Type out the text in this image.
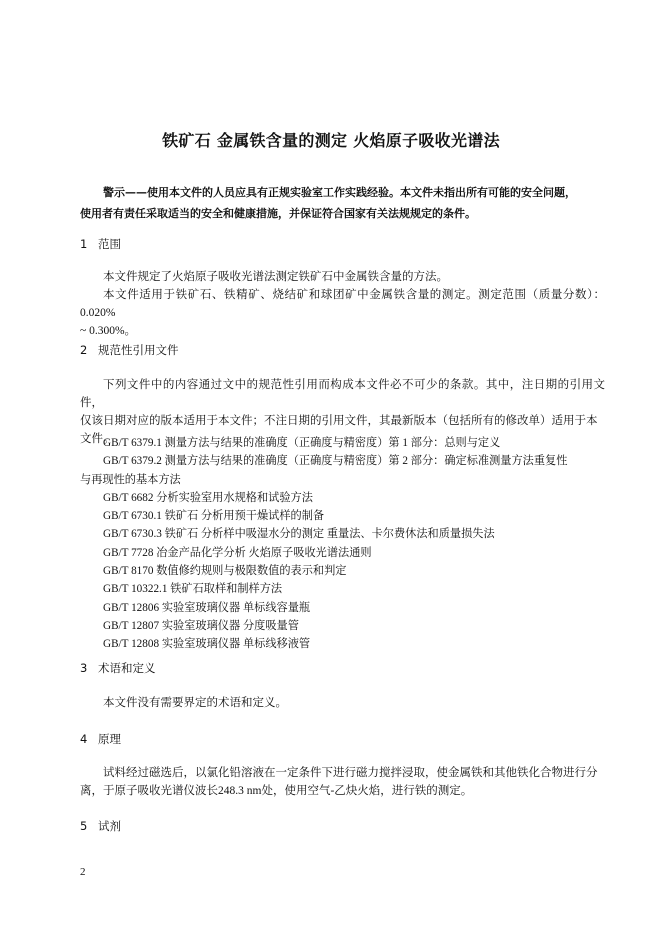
铁矿石 金属铁含量的测定 火焰原子吸收光谱法

警示——使用本文件的人员应具有正规实验室工作实践经验。本文件未指出所有可能的安全问题，

使用者有责任采取适当的安全和健康措施，并保证符合国家有关法规规定的条件。

1 范围

本文件规定了火焰原子吸收光谱法测定铁矿石中金属铁含量的方法。

本文件适用于铁矿石、铁精矿、烧结矿和球团矿中金属铁含量的测定。测定范围（质量分数）：0.020%

~ 0.300%。

2 规范性引用文件

下列文件中的内容通过文中的规范性引用而构成本文件必不可少的条款。其中，注日期的引用文件，

仅该日期对应的版本适用于本文件；不注日期的引用文件，其最新版本（包括所有的修改单）适用于本

文件。

GB/T 6379.1 测量方法与结果的准确度（正确度与精密度）第 1 部分：总则与定义

GB/T 6379.2 测量方法与结果的准确度（正确度与精密度）第 2 部分：确定标准测量方法重复性

与再现性的基本方法

GB/T 6682 分析实验室用水规格和试验方法

GB/T 6730.1 铁矿石 分析用预干燥试样的制备

GB/T 6730.3 铁矿石 分析样中吸湿水分的测定 重量法、卡尔费休法和质量损失法

GB/T 7728 冶金产品化学分析 火焰原子吸收光谱法通则

GB/T 8170 数值修约规则与极限数值的表示和判定

GB/T 10322.1 铁矿石取样和制样方法

GB/T 12806 实验室玻璃仪器 单标线容量瓶

GB/T 12807 实验室玻璃仪器 分度吸量管

GB/T 12808 实验室玻璃仪器 单标线移液管

3 术语和定义

本文件没有需要界定的术语和定义。

4 原理

试料经过磁选后，以氯化铅溶液在一定条件下进行磁力搅拌浸取，使金属铁和其他铁化合物进行分

离，于原子吸收光谱仪波长248.3 nm处，使用空气-乙炔火焰，进行铁的测定。

5 试剂
2
